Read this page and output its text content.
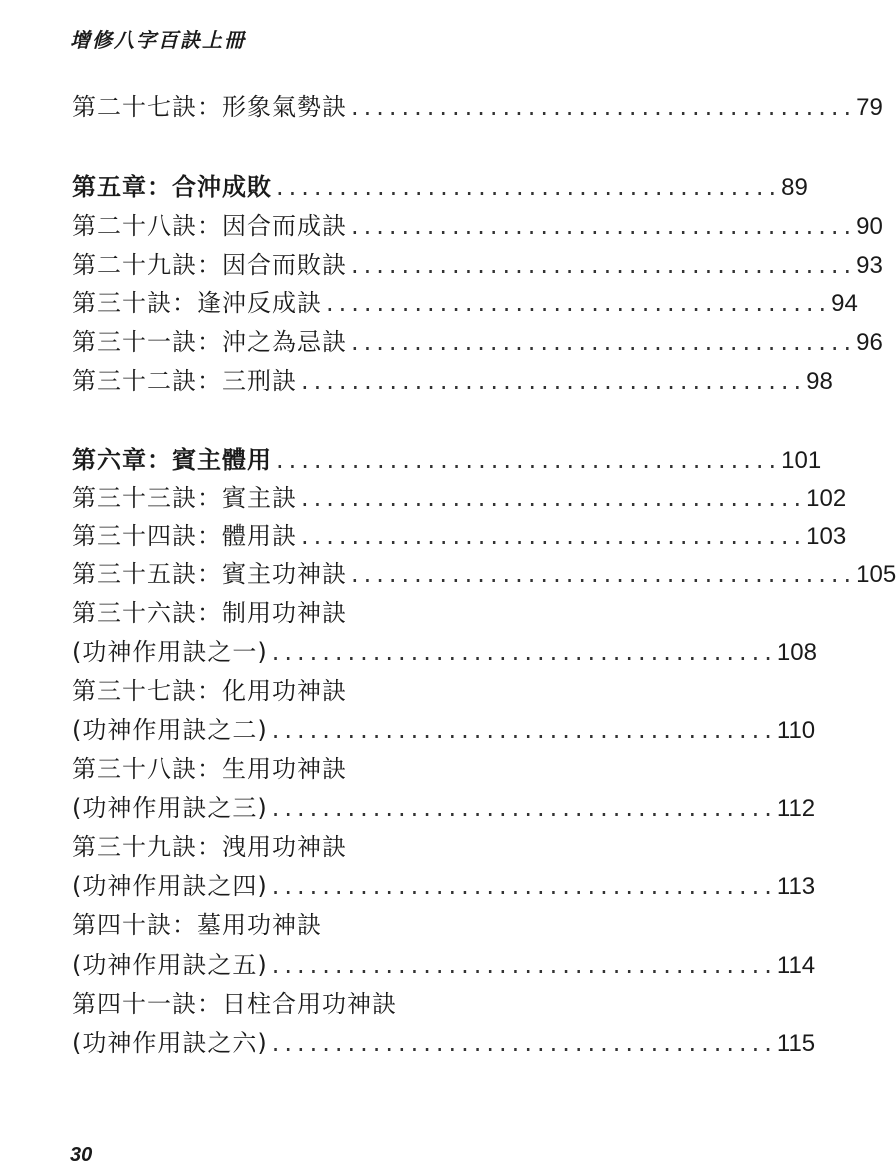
增修八字百訣上冊
第二十七訣：形象氣勢訣 ........................................ 79
第五章：合沖成敗 ........................................ 89
第二十八訣：因合而成訣 ........................................ 90
第二十九訣：因合而敗訣 ........................................ 93
第三十訣：逢沖反成訣 ........................................ 94
第三十一訣：沖之為忌訣 ........................................ 96
第三十二訣：三刑訣 ........................................ 98
第六章：賓主體用 ........................................ 101
第三十三訣：賓主訣 ........................................ 102
第三十四訣：體用訣 ........................................ 103
第三十五訣：賓主功神訣 ........................................ 105
第三十六訣：制用功神訣
(功神作用訣之一) ........................................ 108
第三十七訣：化用功神訣
(功神作用訣之二) ........................................ 110
第三十八訣：生用功神訣
(功神作用訣之三) ........................................ 112
第三十九訣：洩用功神訣
(功神作用訣之四) ........................................ 113
第四十訣：墓用功神訣
(功神作用訣之五) ........................................ 114
第四十一訣：日柱合用功神訣
(功神作用訣之六) ........................................ 115
30
